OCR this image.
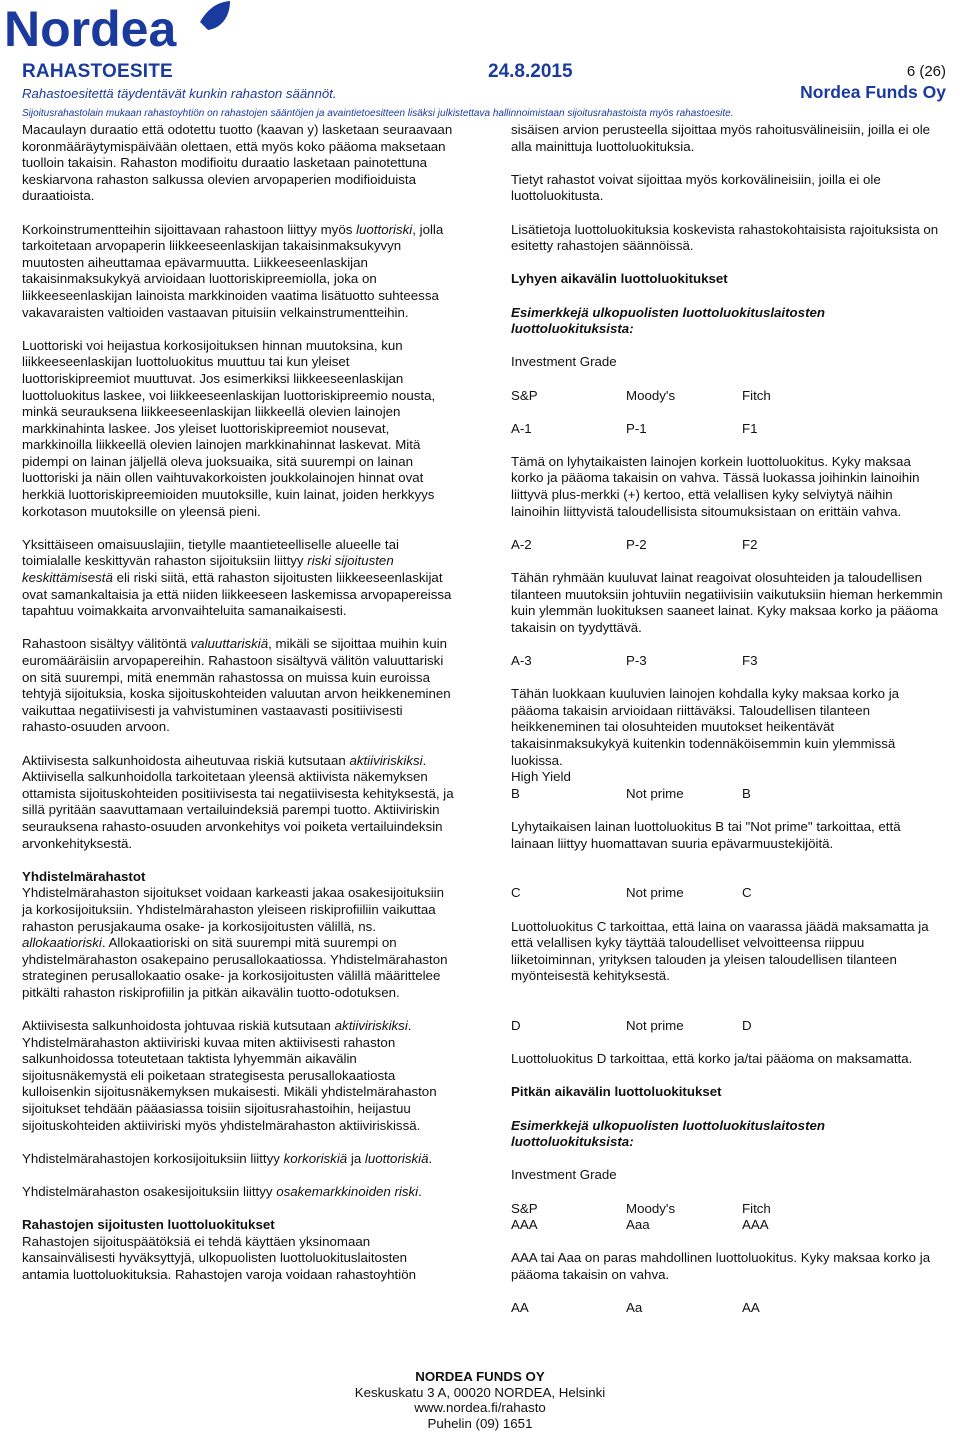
Nordea
RAHASTOESITE	24.8.2015	6 (26)
Rahastoesitettä täydentävät kunkin rahaston säännöt.	Nordea Funds Oy
Sijoitusrahastolain mukaan rahastoyhtiön on rahastojen sääntöjen ja avaintietoesitteen lisäksi julkistettava hallinnoimistaan sijoitusrahastoista myös rahastoesite.

Macaulayn duraatio että odotettu tuotto (kaavan y) lasketaan seuraavaan koronmääräytymispäivään olettaen, että myös koko pääoma maksetaan tuolloin takaisin. Rahaston modifioitu duraatio lasketaan painotettuna keskiarvona rahaston salkussa olevien arvopaperien modifioiduista duraatioista.

Korkoinstrumentteihin sijoittavaan rahastoon liittyy myös luottoriski, jolla tarkoitetaan arvopaperin liikkeeseenlaskijan takaisinmaksukyvyn muutosten aiheuttamaa epävarmuutta. Liikkeeseenlaskijan takaisinmaksukykyä arvioidaan luottoriskipreemiolla, joka on liikkeeseenlaskijan lainoista markkinoiden vaatima lisätuotto suhteessa vakavaraisten valtioiden vastaavan pituisiin velkainstrumentteihin.

Luottoriski voi heijastua korkosijoituksen hinnan muutoksina, kun liikkeeseenlaskijan luottoluokitus muuttuu tai kun yleiset luottoriskipreemiot muuttuvat. Jos esimerkiksi liikkeeseenlaskijan luottoluokitus laskee, voi liikkeeseenlaskijan luottoriskipreemio nousta, minkä seurauksena liikkeeseenlaskijan liikkeellä olevien lainojen markkinahinta laskee. Jos yleiset luottoriskipreemiot nousevat, markkinoilla liikkeellä olevien lainojen markkinahinnat laskevat. Mitä pidempi on lainan jäljellä oleva juoksuaika, sitä suurempi on lainan luottoriski ja näin ollen vaihtuvakorkoisten joukkolainojen hinnat ovat herkkiä luottoriskipreemioiden muutoksille, kuin lainat, joiden herkkyys korkotason muutoksille on yleensä pieni.

Yksittäiseen omaisuuslajiin, tietylle maantieteelliselle alueelle tai toimialalle keskittyvän rahaston sijoituksiin liittyy riski sijoitusten keskittämisestä eli riski siitä, että rahaston sijoitusten liikkeeseenlaskijat ovat samankaltaisia ja että niiden liikkeeseen laskemissa arvopapereissa tapahtuu voimakkaita arvonvaihteluita samanaikaisesti.

Rahastoon sisältyy välitöntä valuuttariskiä, mikäli se sijoittaa muihin kuin euromääräisiin arvopapereihin. Rahastoon sisältyvä välitön valuuttariski on sitä suurempi, mitä enemmän rahastossa on muissa kuin euroissa tehtyjä sijoituksia, koska sijoituskohteiden valuutan arvon heikkeneminen vaikuttaa negatiivisesti ja vahvistuminen vastaavasti positiivisesti rahasto-osuuden arvoon.

Aktiivisesta salkunhoidosta aiheutuvaa riskiä kutsutaan aktiiviriskiksi. Aktiivisella salkunhoidolla tarkoitetaan yleensä aktiivista näkemyksen ottamista sijoituskohteiden positiivisesta tai negatiivisesta kehityksestä, ja sillä pyritään saavuttamaan vertailuindeksiä parempi tuotto. Aktiiviriskin seurauksena rahasto-osuuden arvonkehitys voi poiketa vertailuindeksin arvonkehityksestä.

Yhdistelmärahastot

Yhdistelmärahaston sijoitukset voidaan karkeasti jakaa osakesijoituksiin ja korkosijoituksiin. Yhdistelmärahaston yleiseen riskiprofiiliin vaikuttaa rahaston perusjakauma osake- ja korkosijoitusten välillä, ns. allokaatioriski. Allokaatioriski on sitä suurempi mitä suurempi on yhdistelmärahaston osakepaino perusallokaatiossa. Yhdistelmärahaston strateginen perusallokaatio osake- ja korkosijoitusten välillä määrittelee pitkälti rahaston riskiprofiilin ja pitkän aikavälin tuotto-odotuksen.

Aktiivisesta salkunhoidosta johtuvaa riskiä kutsutaan aktiiviriskiksi. Yhdistelmärahaston aktiiviriski kuvaa miten aktiivisesti rahaston salkunhoidossa toteutetaan taktista lyhyemmän aikavälin sijoitusnäkemystä eli poiketaan strategisesta perusallokaatiosta kulloisenkin sijoitusnäkemyksen mukaisesti. Mikäli yhdistelmärahaston sijoitukset tehdään pääasiassa toisiin sijoitusrahastoihin, heijastuu sijoituskohteiden aktiiviriski myös yhdistelmärahaston aktiiviriskissä.

Yhdistelmärahastojen korkosijoituksiin liittyy korkoriskiä ja luottoriskiä.

Yhdistelmärahaston osakesijoituksiin liittyy osakemarkkinoiden riski.

Rahastojen sijoitusten luottoluokitukset

Rahastojen sijoituspäätöksiä ei tehdä käyttäen yksinomaan kansainvälisesti hyväksyttyjä, ulkopuolisten luottoluokituslaitosten antamia luottoluokituksia. Rahastojen varoja voidaan rahastoyhtiön

sisäisen arvion perusteella sijoittaa myös rahoitusvälineisiin, joilla ei ole alla mainittuja luottoluokituksia.

Tietyt rahastot voivat sijoittaa myös korkovälineisiin, joilla ei ole luottoluokitusta.

Lisätietoja luottoluokituksia koskevista rahastokohtaisista rajoituksista on esitetty rahastojen säännöissä.

Lyhyen aikavälin luottoluokitukset
Esimerkkejä ulkopuolisten luottoluokituslaitosten luottoluokituksista:

Investment Grade

S&P	Moody's	Fitch
A-1	P-1	F1

Tämä on lyhytaikaisten lainojen korkein luottoluokitus. Kyky maksaa korko ja pääoma takaisin on vahva. Tässä luokassa joihinkin lainoihin liittyvä plus-merkki (+) kertoo, että velallisen kyky selviytyä näihin lainoihin liittyvistä taloudellisista sitoumuksistaan on erittäin vahva.

A-2	P-2	F2

Tähän ryhmään kuuluvat lainat reagoivat olosuhteiden ja taloudellisen tilanteen muutoksiin johtuviin negatiivisiin vaikutuksiin hieman herkemmin kuin ylemmän luokituksen saaneet lainat. Kyky maksaa korko ja pääoma takaisin on tyydyttävä.

A-3	P-3	F3

Tähän luokkaan kuuluvien lainojen kohdalla kyky maksaa korko ja pääoma takaisin arvioidaan riittäväksi. Taloudellisen tilanteen heikkeneminen tai olosuhteiden muutokset heikentävät takaisinmaksukykyä kuitenkin todennäköisemmin kuin ylemmissä luokissa.

High Yield
B	Not prime	B

Lyhytaikaisen lainan luottoluokitus B tai "Not prime" tarkoittaa, että lainaan liittyy huomattavan suuria epävarmuustekijöitä.

C	Not prime	C

Luottoluokitus C tarkoittaa, että laina on vaarassa jäädä maksamatta ja että velallisen kyky täyttää taloudelliset velvoitteensa riippuu liiketoiminnan, yrityksen talouden ja yleisen taloudellisen tilanteen myönteisestä kehityksestä.

D	Not prime	D

Luottoluokitus D tarkoittaa, että korko ja/tai pääoma on maksamatta.

Pitkän aikavälin luottoluokitukset
Esimerkkejä ulkopuolisten luottoluokituslaitosten luottoluokituksista:

Investment Grade

S&P	Moody's	Fitch
AAA	Aaa	AAA

AAA tai Aaa on paras mahdollinen luottoluokitus. Kyky maksaa korko ja pääoma takaisin on vahva.

AA	Aa	AA
NORDEA FUNDS OY
Keskuskatu 3 A, 00020 NORDEA, Helsinki
www.nordea.fi/rahasto
Puhelin (09) 1651
